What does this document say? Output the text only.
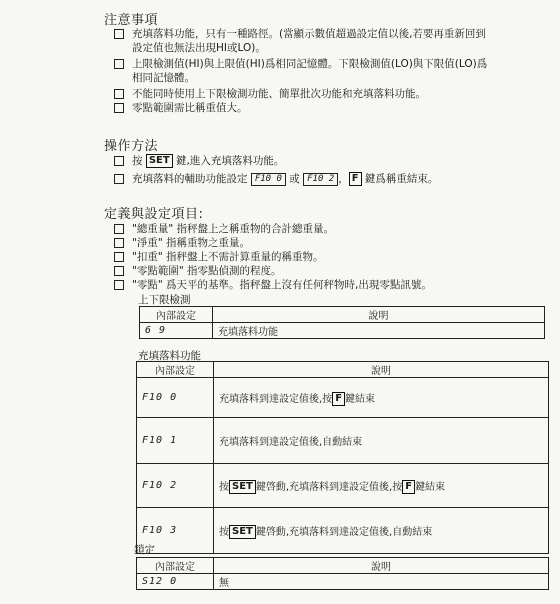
注意事項
充填落料功能，只有一種路徑。(當顯示數值超過設定值以後,若要再重新回到
設定值也無法出現HI或LO)。
上限檢測值(HI)與上限值(HI)爲相同記憶體。下限檢測值(LO)與下限值(LO)爲
相同記憶體。
不能同時使用上下限檢測功能、簡單批次功能和充填落料功能。
零點範圍需比稱重值大。
操作方法
按 SET 鍵,進入充填落料功能。
充填落料的輔助功能設定 F10 0 或 F10 2 ， F 鍵爲稱重結束。
定義與設定項目:
"總重量" 指秤盤上之稱重物的合計總重量。
"淨重" 指稱重物之重量。
"扣重" 指秤盤上不需計算重量的稱重物。
"零點範圍" 指零點偵測的程度。
"零點" 爲天平的基準。指秤盤上沒有任何秤物時,出現零點訊號。
上下限檢測
內部設定	說明
6 9	充填落料功能
充填落料功能
內部設定	說明
F10 0	充填落料到達設定值後,按 F 鍵結束
F10 1	充填落料到達設定值後,自動結束
F10 2	按 SET 鍵啓動,充填落料到達設定值後,按 F 鍵結束
F10 3	按 SET 鍵啓動,充填落料到達設定值後,自動結束
鎖定
內部設定	說明
S12 0	無
